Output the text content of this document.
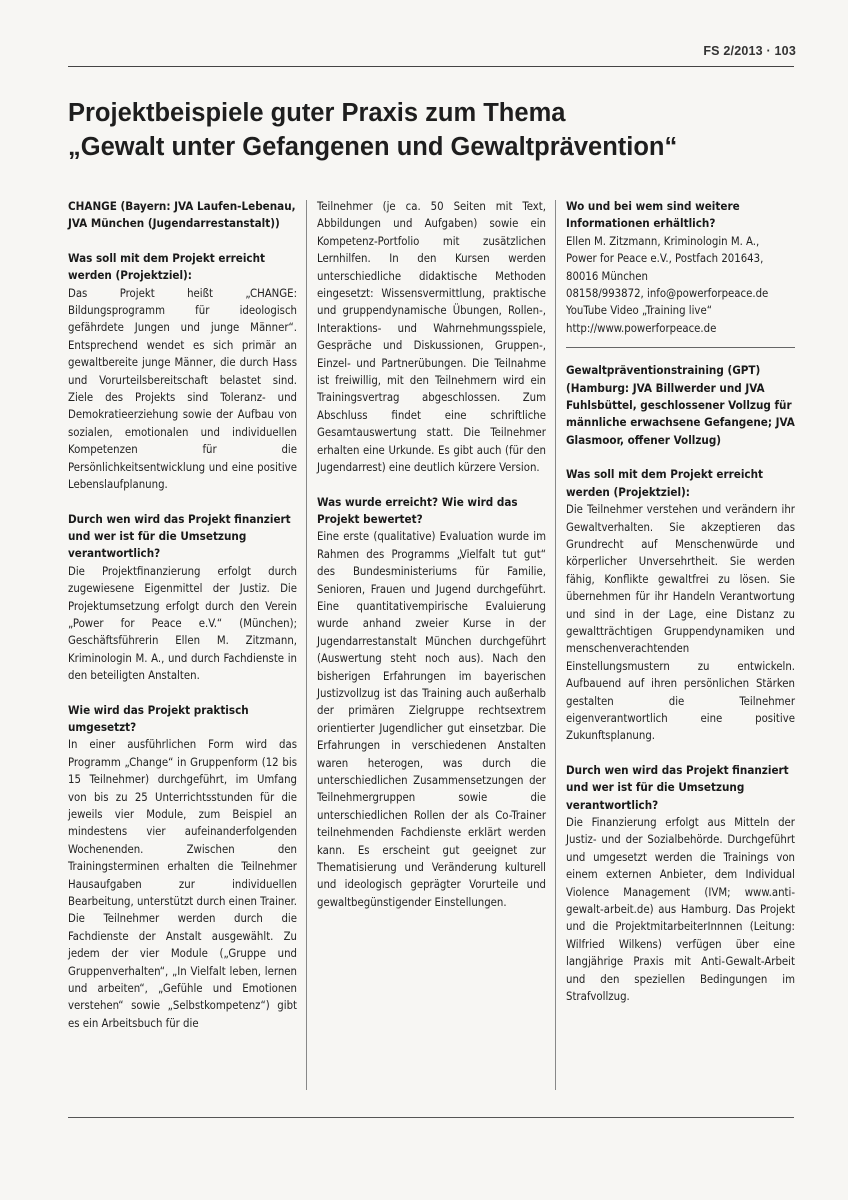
FS 2/2013 · 103
Projektbeispiele guter Praxis zum Thema
„Gewalt unter Gefangenen und Gewaltprävention“
CHANGE (Bayern: JVA Laufen-Lebenau, JVA München (Jugendarrestanstalt))
Was soll mit dem Projekt erreicht werden (Projektziel):

Das Projekt heißt „CHANGE: Bildungsprogramm für ideologisch gefährdete Jungen und junge Männer“. Entsprechend wendet es sich primär an gewaltbereite junge Männer, die durch Hass und Vorurteilsbereitschaft belastet sind. Ziele des Projekts sind Toleranz- und Demokratieerziehung sowie der Aufbau von sozialen, emotionalen und individuellen Kompetenzen für die Persönlichkeitsentwicklung und eine positive Lebenslaufplanung.

Durch wen wird das Projekt finanziert und wer ist für die Umsetzung verantwortlich?

Die Projektfinanzierung erfolgt durch zugewiesene Eigenmittel der Justiz. Die Projektumsetzung erfolgt durch den Verein „Power for Peace e.V.“ (München); Geschäftsführerin Ellen M. Zitzmann, Kriminologin M. A., und durch Fachdienste in den beteiligten Anstalten.

Wie wird das Projekt praktisch umgesetzt?

In einer ausführlichen Form wird das Programm „Change“ in Gruppenform (12 bis 15 Teilnehmer) durchgeführt, im Umfang von bis zu 25 Unterrichtsstunden für die jeweils vier Module, zum Beispiel an mindestens vier aufeinanderfolgenden Wochenenden. Zwischen den Trainingsterminen erhalten die Teilnehmer Hausaufgaben zur individuellen Bearbeitung, unterstützt durch einen Trainer. Die Teilnehmer werden durch die Fachdienste der Anstalt ausgewählt. Zu jedem der vier Module („Gruppe und Gruppenverhalten“, „In Vielfalt leben, lernen und arbeiten“, „Gefühle und Emotionen verstehen“ sowie „Selbstkompetenz“) gibt es ein Arbeitsbuch für die

Teilnehmer (je ca. 50 Seiten mit Text, Abbildungen und Aufgaben) sowie ein Kompetenz-Portfolio mit zusätzlichen Lernhilfen. In den Kursen werden unterschiedliche didaktische Methoden eingesetzt: Wissensvermittlung, praktische und gruppendynamische Übungen, Rollen-, Interaktions- und Wahrnehmungsspiele, Gespräche und Diskussionen, Gruppen-, Einzel- und Partnerübungen. Die Teilnahme ist freiwillig, mit den Teilnehmern wird ein Trainingsvertrag abgeschlossen. Zum Abschluss findet eine schriftliche Gesamtauswertung statt. Die Teilnehmer erhalten eine Urkunde. Es gibt auch (für den Jugendarrest) eine deutlich kürzere Version.

Was wurde erreicht? Wie wird das Projekt bewertet?

Eine erste (qualitative) Evaluation wurde im Rahmen des Programms „Vielfalt tut gut“ des Bundesministeriums für Familie, Senioren, Frauen und Jugend durchgeführt. Eine quantitativempirische Evaluierung wurde anhand zweier Kurse in der Jugendarrestanstalt München durchgeführt (Auswertung steht noch aus). Nach den bisherigen Erfahrungen im bayerischen Justizvollzug ist das Training auch außerhalb der primären Zielgruppe rechtsextrem orientierter Jugendlicher gut einsetzbar. Die Erfahrungen in verschiedenen Anstalten waren heterogen, was durch die unterschiedlichen Zusammensetzungen der Teilnehmergruppen sowie die unterschiedlichen Rollen der als Co-Trainer teilnehmenden Fachdienste erklärt werden kann. Es erscheint gut geeignet zur Thematisierung und Veränderung kulturell und ideologisch geprägter Vorurteile und gewaltbegünstigender Einstellungen.

Wo und bei wem sind weitere Informationen erhältlich?

Ellen M. Zitzmann, Kriminologin M. A.,

Power for Peace e.V., Postfach 201643,

80016 München

08158/993872, info@powerforpeace.de

YouTube Video „Training live“

http://www.powerforpeace.de

Gewaltpräventionstraining (GPT) (Hamburg: JVA Billwerder und JVA Fuhlsbüttel, geschlossener Vollzug für männliche erwachsene Gefangene; JVA Glasmoor, offener Vollzug)
Was soll mit dem Projekt erreicht werden (Projektziel):

Die Teilnehmer verstehen und verändern ihr Gewaltverhalten. Sie akzeptieren das Grundrecht auf Menschenwürde und körperlicher Unversehrtheit. Sie werden fähig, Konflikte gewaltfrei zu lösen. Sie übernehmen für ihr Handeln Verantwortung und sind in der Lage, eine Distanz zu gewaltträchtigen Gruppendynamiken und menschenverachtenden Einstellungsmustern zu entwickeln. Aufbauend auf ihren persönlichen Stärken gestalten die Teilnehmer eigenverantwortlich eine positive Zukunftsplanung.

Durch wen wird das Projekt finanziert und wer ist für die Umsetzung verantwortlich?

Die Finanzierung erfolgt aus Mitteln der Justiz- und der Sozialbehörde. Durchgeführt und umgesetzt werden die Trainings von einem externen Anbieter, dem Individual Violence Management (IVM; www.anti-gewalt-arbeit.de) aus Hamburg. Das Projekt und die ProjektmitarbeiterInnnen (Leitung: Wilfried Wilkens) verfügen über eine langjährige Praxis mit Anti-Gewalt-Arbeit und den speziellen Bedingungen im Strafvollzug.
